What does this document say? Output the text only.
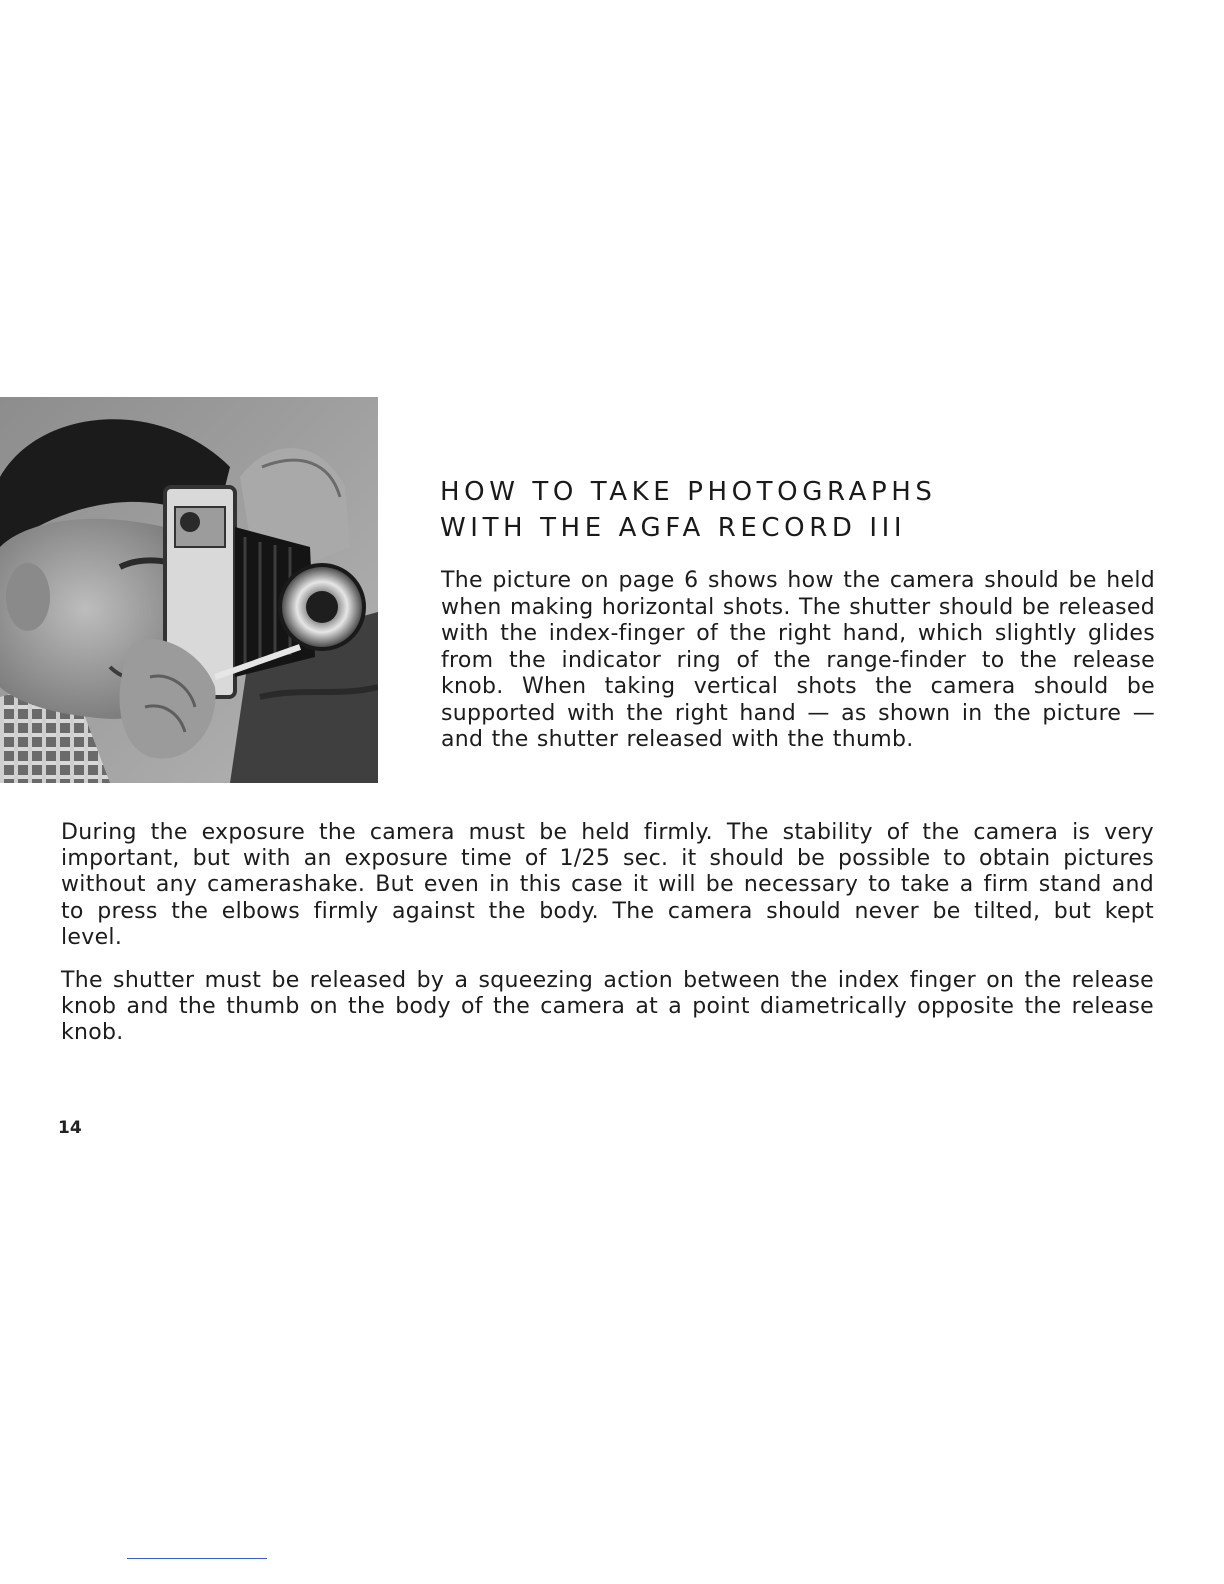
HOW TO TAKE PHOTOGRAPHS
WITH THE AGFA RECORD III

The picture on page 6 shows how the camera should be held when making horizontal shots. The shutter should be released with the index-finger of the right hand, which slightly glides from the indicator ring of the range-finder to the release knob. When taking vertical shots the camera should be supported with the right hand — as shown in the picture — and the shutter released with the thumb.

During the exposure the camera must be held firmly. The stability of the camera is very important, but with an exposure time of 1/25 sec. it should be possible to obtain pictures without any camerashake. But even in this case it will be necessary to take a firm stand and to press the elbows firmly against the body. The camera should never be tilted, but kept level.

The shutter must be released by a squeezing action between the index finger on the release knob and the thumb on the body of the camera at a point diametrically opposite the release knob.

14
